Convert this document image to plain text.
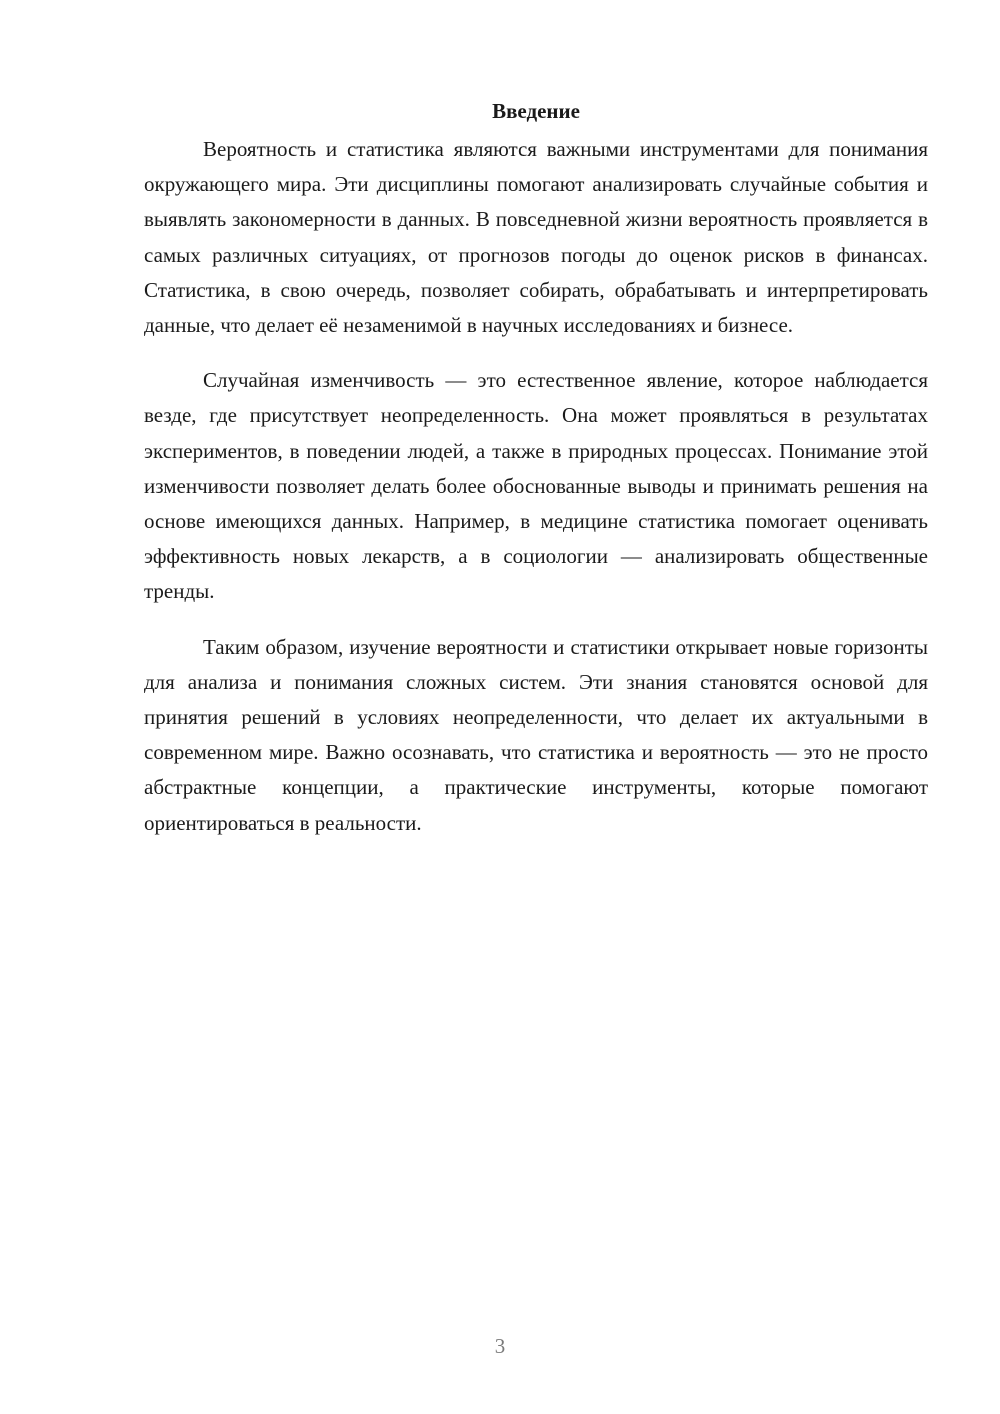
Введение

Вероятность и статистика являются важными инструментами для понимания окружающего мира. Эти дисциплины помогают анализировать случайные события и выявлять закономерности в данных. В повседневной жизни вероятность проявляется в самых различных ситуациях, от прогнозов погоды до оценок рисков в финансах. Статистика, в свою очередь, позволяет собирать, обрабатывать и интерпретировать данные, что делает её незаменимой в научных исследованиях и бизнесе.

Случайная изменчивость — это естественное явление, которое наблюдается везде, где присутствует неопределенность. Она может проявляться в результатах экспериментов, в поведении людей, а также в природных процессах. Понимание этой изменчивости позволяет делать более обоснованные выводы и принимать решения на основе имеющихся данных. Например, в медицине статистика помогает оценивать эффективность новых лекарств, а в социологии — анализировать общественные тренды.

Таким образом, изучение вероятности и статистики открывает новые горизонты для анализа и понимания сложных систем. Эти знания становятся основой для принятия решений в условиях неопределенности, что делает их актуальными в современном мире. Важно осознавать, что статистика и вероятность — это не просто абстрактные концепции, а практические инструменты, которые помогают ориентироваться в реальности.

3
